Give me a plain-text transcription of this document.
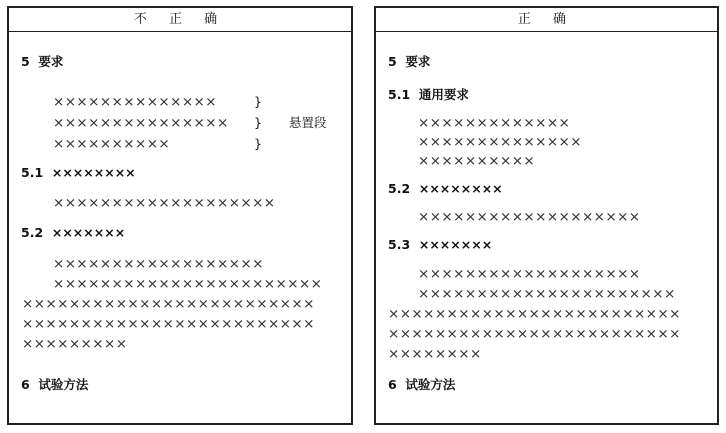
不 正 确
5  要求
××××××××××××××
×××××××××××××××
××××××××××
}
}
}
悬置段
5.1  ××××××××
×××××××××××××××××××
5.2  ×××××××
××××××××××××××××××
×××××××××××××××××××××××
×××××××××××××××××××××××××
×××××××××××××××××××××××××
×××××××××
6  试验方法
正 确
5  要求
5.1  通用要求
×××××××××××××
××××××××××××××
××××××××××
5.2  ××××××××
×××××××××××××××××××
5.3  ×××××××
×××××××××××××××××××
××××××××××××××××××××××
×××××××××××××××××××××××××
×××××××××××××××××××××××××
××××××××
6  试验方法
